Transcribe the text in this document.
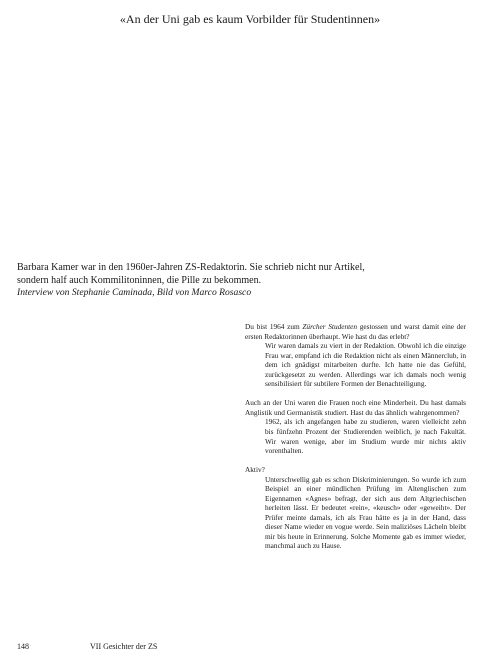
«An der Uni gab es kaum Vorbilder für Studentinnen»
Barbara Kamer war in den 1960er-Jahren ZS-Redaktorin. Sie schrieb nicht nur Artikel,
sondern half auch Kommilitoninnen, die Pille zu bekommen.
Interview von Stephanie Caminada, Bild von Marco Rosasco

Du bist 1964 zum Zürcher Studenten gestossen und warst damit eine der ersten Redaktorinnen überhaupt. Wie hast du das erlebt?

Wir waren damals zu viert in der Redaktion. Obwohl ich die einzige Frau war, empfand ich die Redaktion nicht als einen Männerclub, in dem ich gnädigst mitarbeiten durfte. Ich hatte nie das Gefühl, zurückgesetzt zu werden. Allerdings war ich damals noch wenig sensibilisiert für subtilere Formen der Benachteiligung.

Auch an der Uni waren die Frauen noch eine Minderheit. Du hast damals Anglistik und Germanistik studiert. Hast du das ähnlich wahrgenommen?

1962, als ich angefangen habe zu studieren, waren vielleicht zehn bis fünfzehn Prozent der Studierenden weiblich, je nach Fakultät. Wir waren wenige, aber im Studium wurde mir nichts aktiv vorenthalten.

Aktiv?

Unterschwellig gab es schon Diskriminierungen. So wurde ich zum Beispiel an einer mündlichen Prüfung im Altenglischen zum Eigennamen «Agnes» befragt, der sich aus dem Altgriechischen herleiten lässt. Er bedeutet «rein», «keusch» oder «geweiht». Der Prüfer meinte damals, ich als Frau hätte es ja in der Hand, dass dieser Name wieder en vogue werde. Sein maliziöses Lächeln bleibt mir bis heute in Erinnerung. Solche Momente gab es immer wieder, manchmal auch zu Hause.

148	VII Gesichter der ZS
